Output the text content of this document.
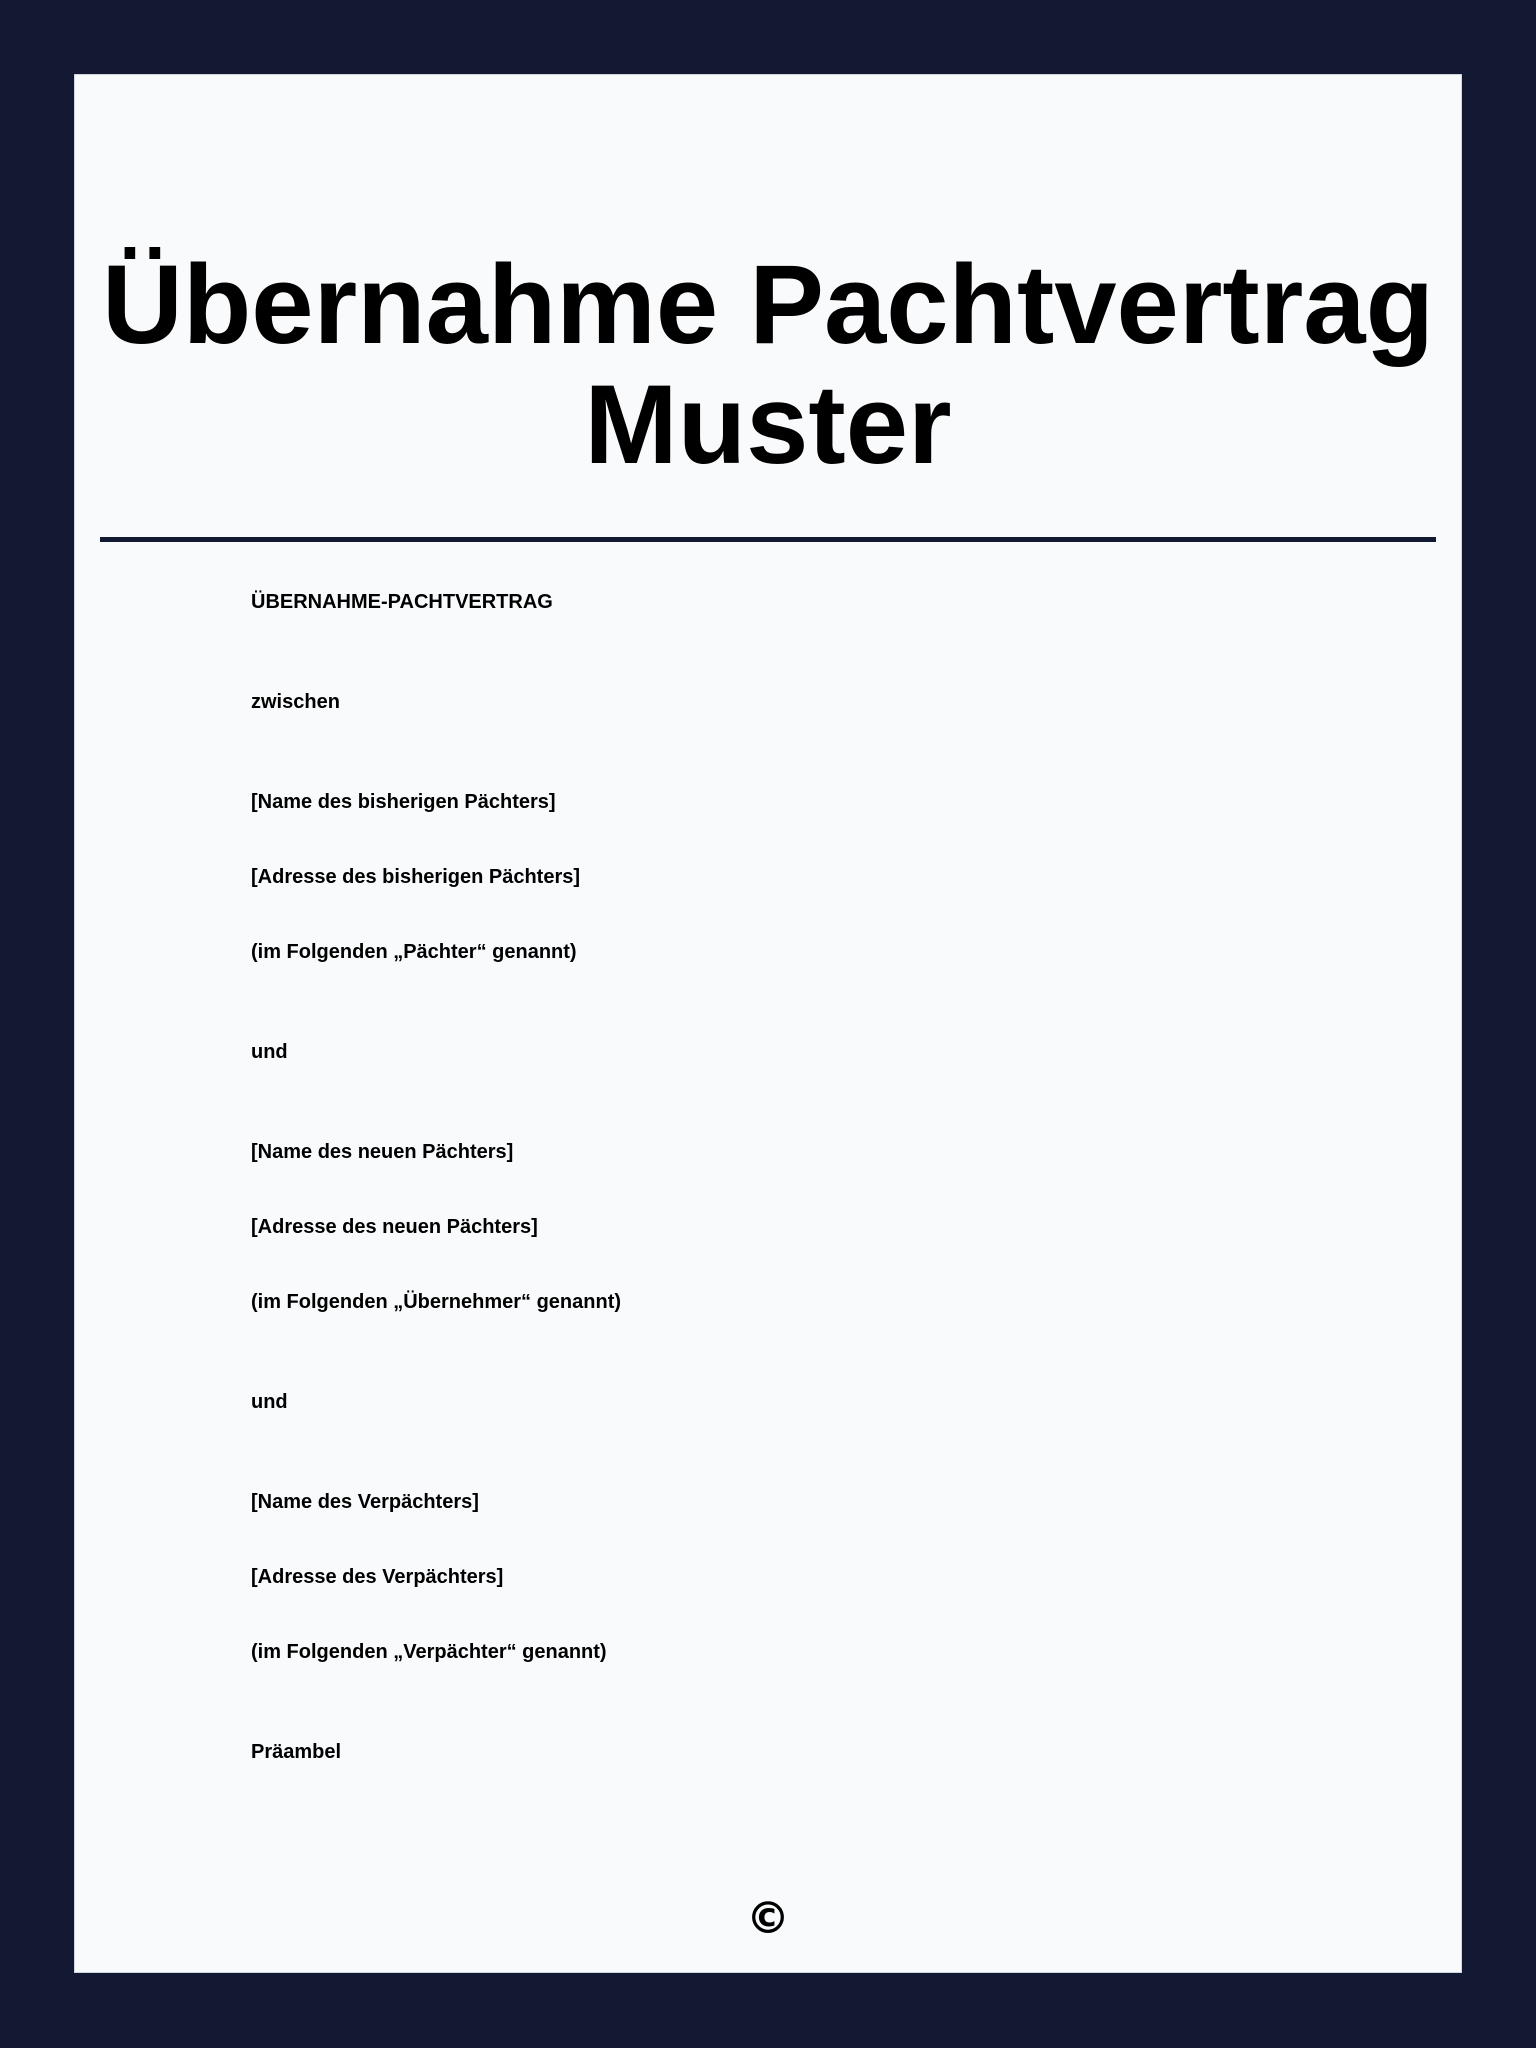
Übernahme Pachtvertrag
Muster
ÜBERNAHME-PACHTVERTRAG
zwischen
[Name des bisherigen Pächters]
[Adresse des bisherigen Pächters]
(im Folgenden „Pächter“ genannt)
und
[Name des neuen Pächters]
[Adresse des neuen Pächters]
(im Folgenden „Übernehmer“ genannt)
und
[Name des Verpächters]
[Adresse des Verpächters]
(im Folgenden „Verpächter“ genannt)
Präambel
©
